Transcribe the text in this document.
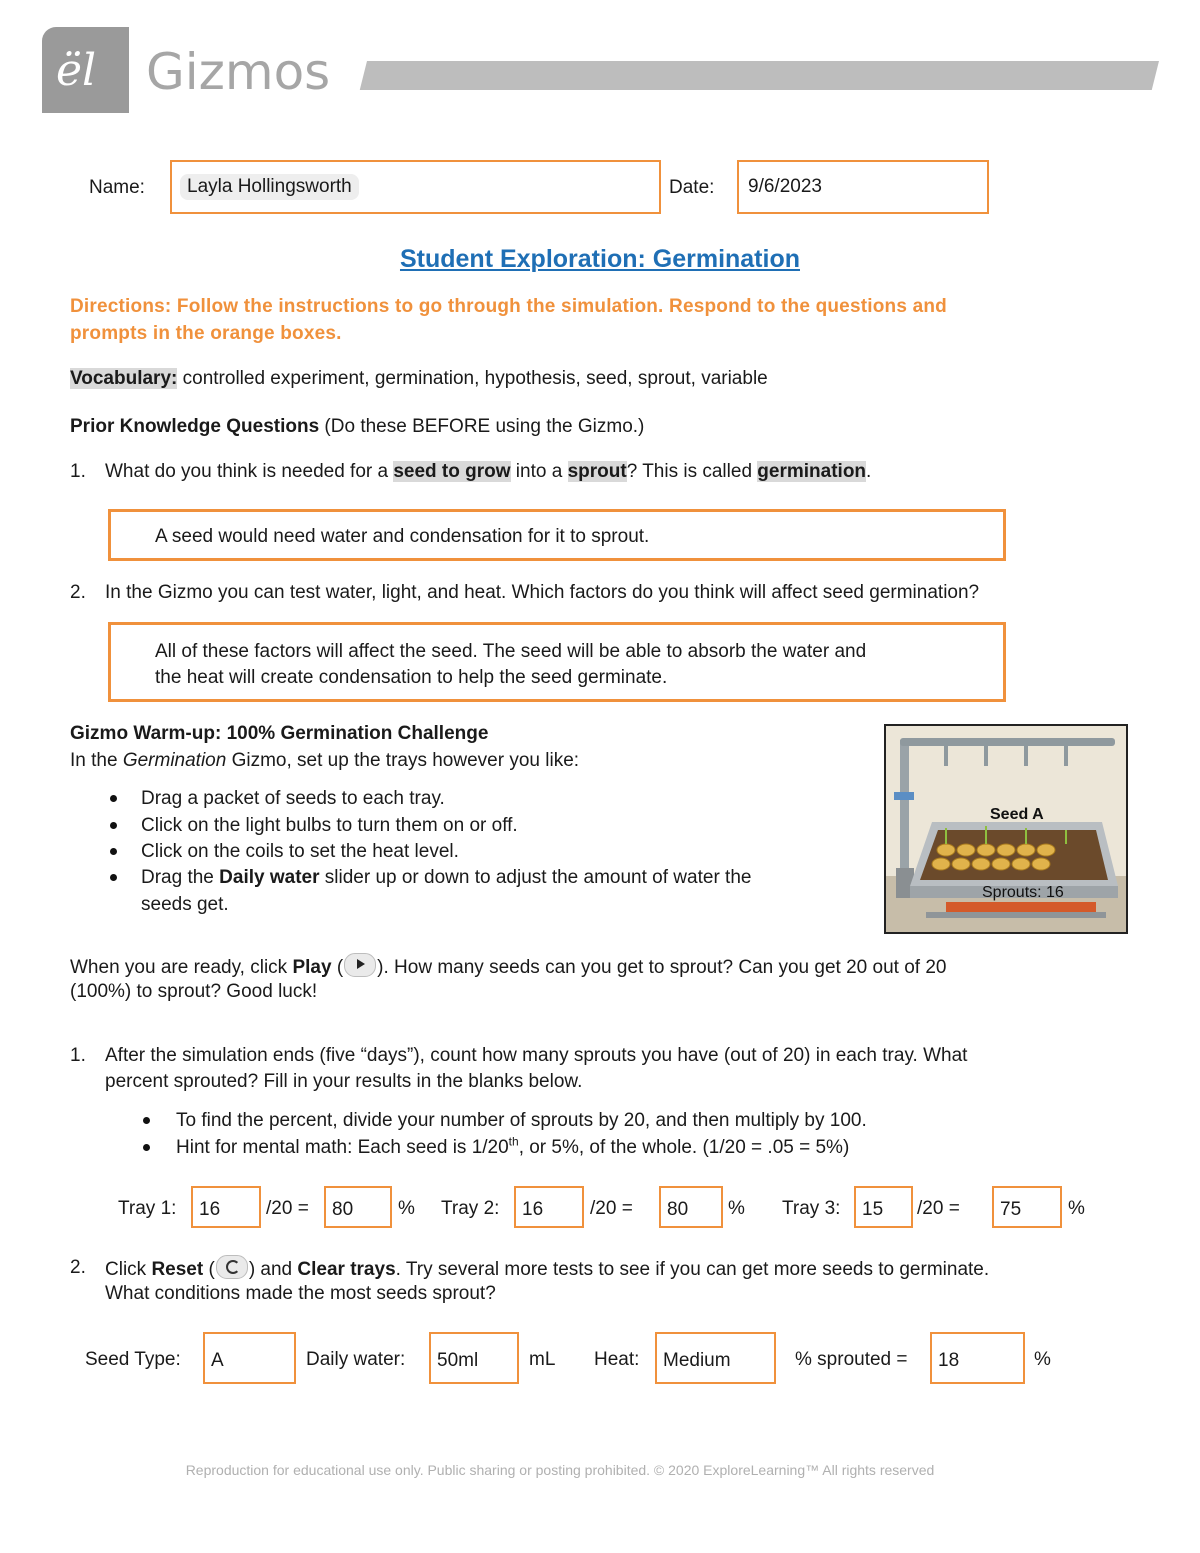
ël Gizmos
Name:	Layla Hollingsworth	Date: 9/6/2023
Student Exploration: Germination
Directions: Follow the instructions to go through the simulation. Respond to the questions and
prompts in the orange boxes.
Vocabulary: controlled experiment, germination, hypothesis, seed, sprout, variable
Prior Knowledge Questions (Do these BEFORE using the Gizmo.)
1. What do you think is needed for a seed to grow into a sprout? This is called germination.
A seed would need water and condensation for it to sprout.
2. In the Gizmo you can test water, light, and heat. Which factors do you think will affect seed germination?
All of these factors will affect the seed. The seed will be able to absorb the water and
the heat will create condensation to help the seed germinate.
Gizmo Warm-up: 100% Germination Challenge
In the Germination Gizmo, set up the trays however you like:
Drag a packet of seeds to each tray.
Click on the light bulbs to turn them on or off.
Click on the coils to set the heat level.
Drag the Daily water slider up or down to adjust the amount of water the
seeds get.
Seed A
Sprouts: 16
When you are ready, click Play ( ). How many seeds can you get to sprout? Can you get 20 out of 20
(100%) to sprout? Good luck!
1. After the simulation ends (five “days”), count how many sprouts you have (out of 20) in each tray. What
percent sprouted? Fill in your results in the blanks below.
To find the percent, divide your number of sprouts by 20, and then multiply by 100.
Hint for mental math: Each seed is 1/20th, or 5%, of the whole. (1/20 = .05 = 5%)
Tray 1:	16	/20 =	80	% Tray 2:	16	/20 =	80	% Tray 3:	15	/20 =	75	%
2. Click Reset ( ) and Clear trays. Try several more tests to see if you can get more seeds to germinate.
What conditions made the most seeds sprout?
Seed Type:	A	Daily water:	50ml	mL Heat:	Medium	% sprouted =	18	%
Reproduction for educational use only. Public sharing or posting prohibited. © 2020 ExploreLearning™ All rights reserved
